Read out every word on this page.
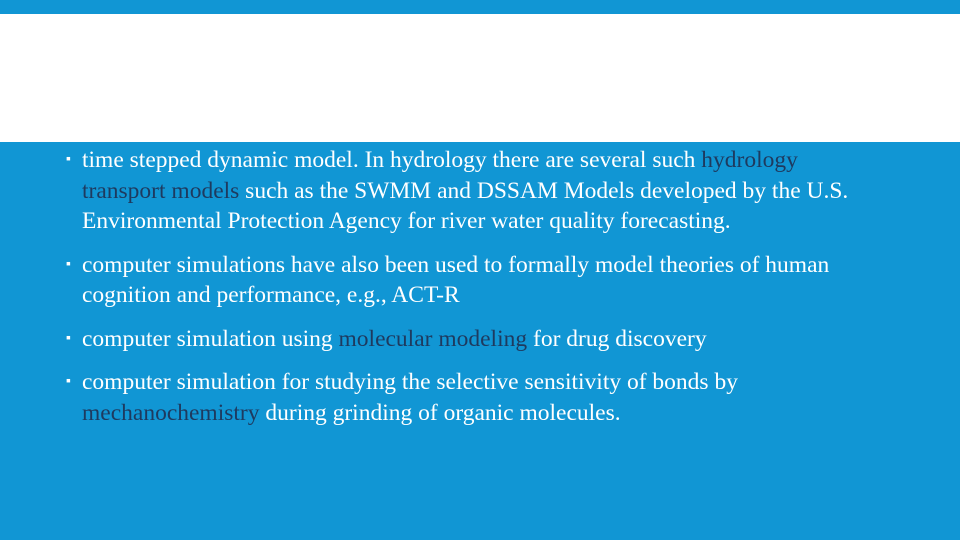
▪ time stepped dynamic model. In hydrology there are several such hydrology transport models such as the SWMM and DSSAM Models developed by the U.S. Environmental Protection Agency for river water quality forecasting.
▪ computer simulations have also been used to formally model theories of human cognition and performance, e.g., ACT-R
▪ computer simulation using molecular modeling for drug discovery
▪ computer simulation for studying the selective sensitivity of bonds by mechanochemistry during grinding of organic molecules.
